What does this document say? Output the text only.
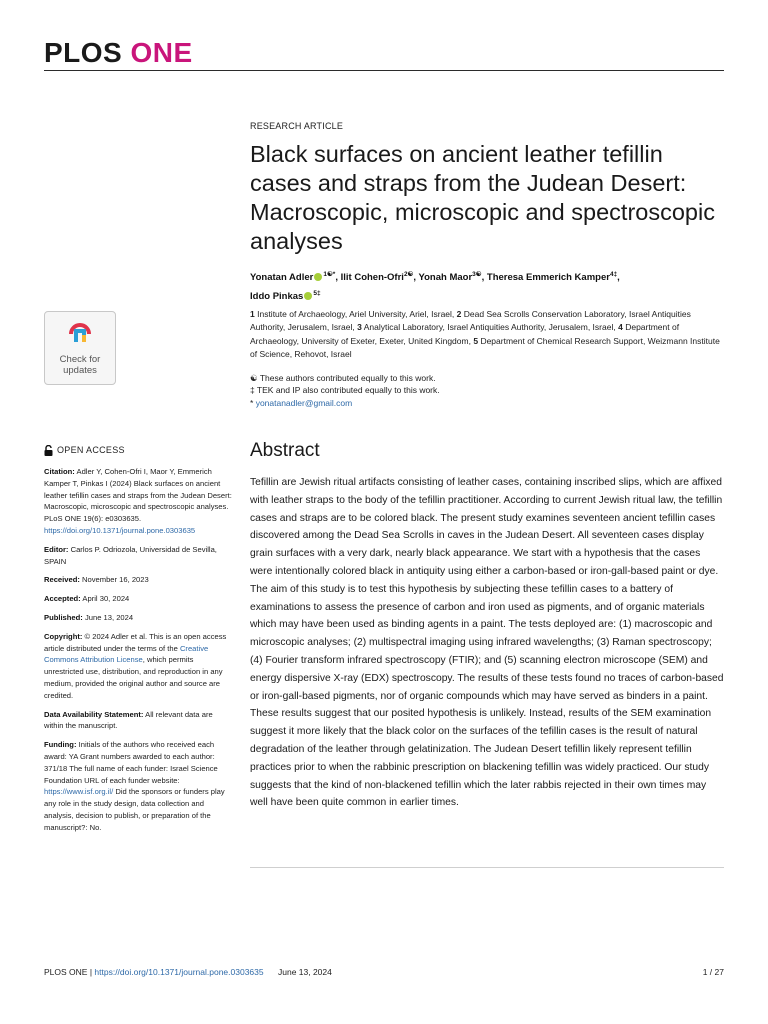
PLOS ONE
RESEARCH ARTICLE
Black surfaces on ancient leather tefillin cases and straps from the Judean Desert: Macroscopic, microscopic and spectroscopic analyses
Yonatan Adler $^{1☯*}$, Ilit Cohen-Ofri$^{2☯}$, Yonah Maor$^{3☯}$, Theresa Emmerich Kamper$^{4\ddagger}$,
Iddo Pinkas $^{5\ddagger}$
1 Institute of Archaeology, Ariel University, Ariel, Israel, 2 Dead Sea Scrolls Conservation Laboratory, Israel Antiquities Authority, Jerusalem, Israel, 3 Analytical Laboratory, Israel Antiquities Authority, Jerusalem, Israel, 4 Department of Archaeology, University of Exeter, Exeter, United Kingdom, 5 Department of Chemical Research Support, Weizmann Institute of Science, Rehovot, Israel
☯ These authors contributed equally to this work.
‡ TEK and IP also contributed equally to this work.
* yonatanadler@gmail.com
Check for
updates
OPEN ACCESS

Citation: Adler Y, Cohen-Ofri I, Maor Y, Emmerich Kamper T, Pinkas I (2024) Black surfaces on ancient leather tefillin cases and straps from the Judean Desert: Macroscopic, microscopic and spectroscopic analyses. PLoS ONE 19(6): e0303635. https://doi.org/10.1371/journal.pone.0303635

Editor: Carlos P. Odriozola, Universidad de Sevilla, SPAIN

Received: November 16, 2023

Accepted: April 30, 2024

Published: June 13, 2024

Copyright: © 2024 Adler et al. This is an open access article distributed under the terms of the Creative Commons Attribution License, which permits unrestricted use, distribution, and reproduction in any medium, provided the original author and source are credited.

Data Availability Statement: All relevant data are within the manuscript.

Funding: Initials of the authors who received each award: YA Grant numbers awarded to each author: 371/18 The full name of each funder: Israel Science Foundation URL of each funder website: https://www.isf.org.il/ Did the sponsors or funders play any role in the study design, data collection and analysis, decision to publish, or preparation of the manuscript?: No.

Abstract

Tefillin are Jewish ritual artifacts consisting of leather cases, containing inscribed slips, which are affixed with leather straps to the body of the tefillin practitioner. According to current Jewish ritual law, the tefillin cases and straps are to be colored black. The present study examines seventeen ancient tefillin cases discovered among the Dead Sea Scrolls in caves in the Judean Desert. All seventeen cases display grain surfaces with a very dark, nearly black appearance. We start with a hypothesis that the cases were intentionally colored black in antiquity using either a carbon-based or iron-gall-based paint or dye. The aim of this study is to test this hypothesis by subjecting these tefillin cases to a battery of examinations to assess the presence of carbon and iron used as pigments, and of organic materials which may have been used as binding agents in a paint. The tests deployed are: (1) macroscopic and microscopic analyses; (2) multispectral imaging using infrared wavelengths; (3) Raman spectroscopy; (4) Fourier transform infrared spectroscopy (FTIR); and (5) scanning electron microscope (SEM) and energy dispersive X-ray (EDX) spectroscopy. The results of these tests found no traces of carbon-based or iron-gall-based pigments, nor of organic compounds which may have served as binders in a paint. These results suggest that our posited hypothesis is unlikely. Instead, results of the SEM examination suggest it more likely that the black color on the surfaces of the tefillin cases is the result of natural degradation of the leather through gelatinization. The Judean Desert tefillin likely represent tefillin practices prior to when the rabbinic prescription on blackening tefillin was widely practiced. Our study suggests that the kind of non-blackened tefillin which the later rabbis rejected in their own times may well have been quite common in earlier times.

PLOS ONE | https://doi.org/10.1371/journal.pone.0303635 June 13, 2024	1 / 27
